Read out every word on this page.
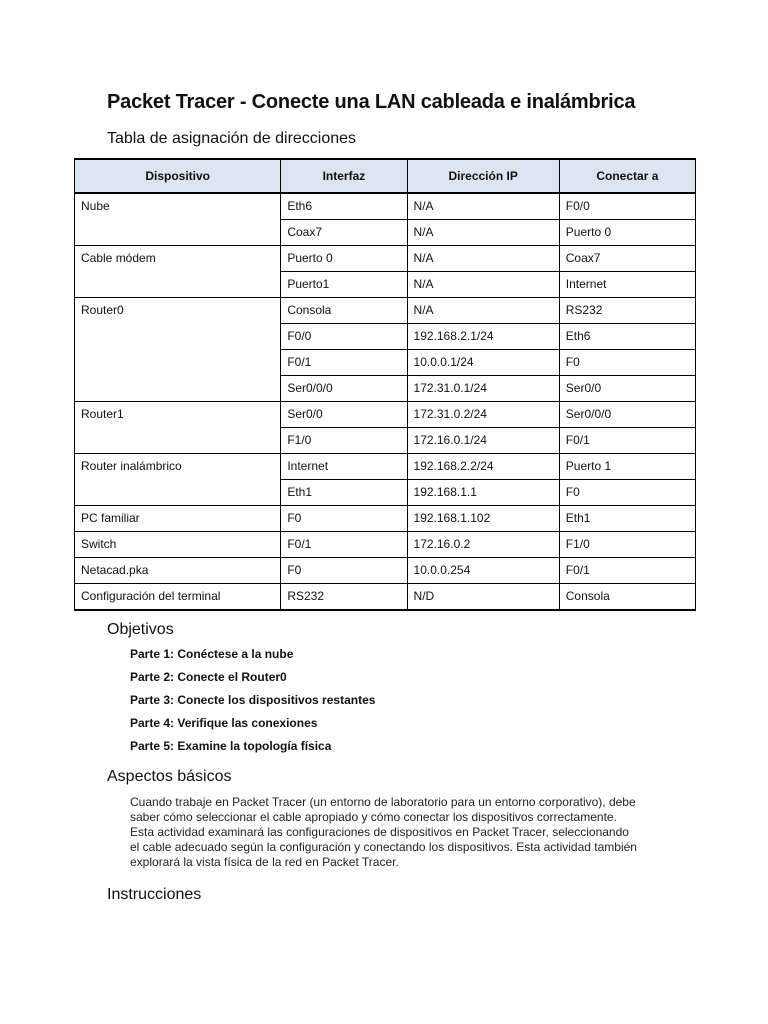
Packet Tracer - Conecte una LAN cableada e inalámbrica
Tabla de asignación de direcciones
Dispositivo	Interfaz	Dirección IP	Conectar a
Nube	Eth6	N/A	F0/0
	Coax7	N/A	Puerto 0
Cable módem	Puerto 0	N/A	Coax7
	Puerto1	N/A	Internet
Router0	Consola	N/A	RS232
	F0/0	192.168.2.1/24	Eth6
	F0/1	10.0.0.1/24	F0
	Ser0/0/0	172.31.0.1/24	Ser0/0
Router1	Ser0/0	172.31.0.2/24	Ser0/0/0
	F1/0	172.16.0.1/24	F0/1
Router inalámbrico	Internet	192.168.2.2/24	Puerto 1
	Eth1	192.168.1.1	F0
PC familiar	F0	192.168.1.102	Eth1
Switch	F0/1	172.16.0.2	F1/0
Netacad.pka	F0	10.0.0.254	F0/1
Configuración del terminal	RS232	N/D	Consola
Objetivos
Parte 1: Conéctese a la nube
Parte 2: Conecte el Router0
Parte 3: Conecte los dispositivos restantes
Parte 4: Verifique las conexiones
Parte 5: Examine la topología física
Aspectos básicos
Cuando trabaje en Packet Tracer (un entorno de laboratorio para un entorno corporativo), debe
saber cómo seleccionar el cable apropiado y cómo conectar los dispositivos correctamente.
Esta actividad examinará las configuraciones de dispositivos en Packet Tracer, seleccionando
el cable adecuado según la configuración y conectando los dispositivos. Esta actividad también
explorará la vista física de la red en Packet Tracer.
Instrucciones
